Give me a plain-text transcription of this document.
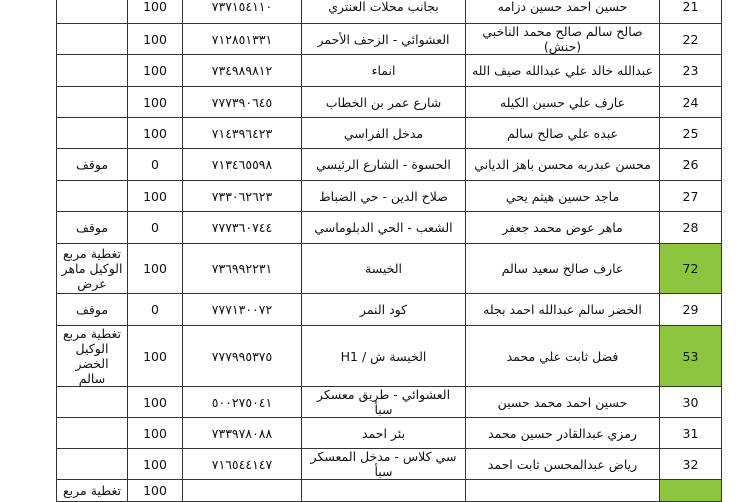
	100	٧٣٧١٥٤١١٠	بجانب محلات العنتري	حسين احمد حسين دزامه	21

	100	٧١٢٨٥١٣٣١	العشوائي - الزحف الأحمر	صالح سالم صالح محمد الناخبي (حنش)	22

	100	٧٣٤٩٨٩٨١٢	انماء	عبدالله خالد علي عبدالله صيف الله	23

	100	٧٧٧٣٩٠٦٤٥	شارع عمر بن الخطاب	عارف علي حسين الكيله	24

	100	٧١٤٣٩٦٤٢٣	مدخل الفراسي	عبده علي صالح سالم	25

موقف	0	٧١٣٤٦٥٥٩٨	الحسوة - الشارع الرئيسي	محسن عبدربه محسن باهز الدياني	26

	100	٧٣٣٠٦٢٦٢٣	صلاح الدين - حي الضباط	ماجد حسين هيثم يحي	27

موقف	0	٧٧٧٣٦٠٧٤٤	الشعب - الحي الدبلوماسي	ماهر عوض محمد جعفر	28

تغطية مربع الوكيل ماهر عرض	100	٧٣٦٩٩٢٢٣١	الخيسة	عارف صالح سعيد سالم	72

موقف	0	٧٧٧١٣٠٠٧٢	كود النمر	الخضر سالم عبدالله احمد بجله	29

تغطية مربع الوكيل الخضر سالم	100	٧٧٧٩٩٥٣٧٥	الخيسة ش / H1	فضل ثابت علي محمد	53

	100	٥٠٠٢٧٥٠٤١	العشوائي - طريق معسكر سبأ	حسين احمد محمد حسين	30

	100	٧٣٣٩٧٨٠٨٨	بئر احمد	رمزي عبدالقادر حسين محمد	31

	100	٧١٦٥٤٤١٤٧	سي كلاس - مدخل المعسكر سبأ	رياض عبدالمحسن ثابت احمد	32

تغطية مربع	100				
